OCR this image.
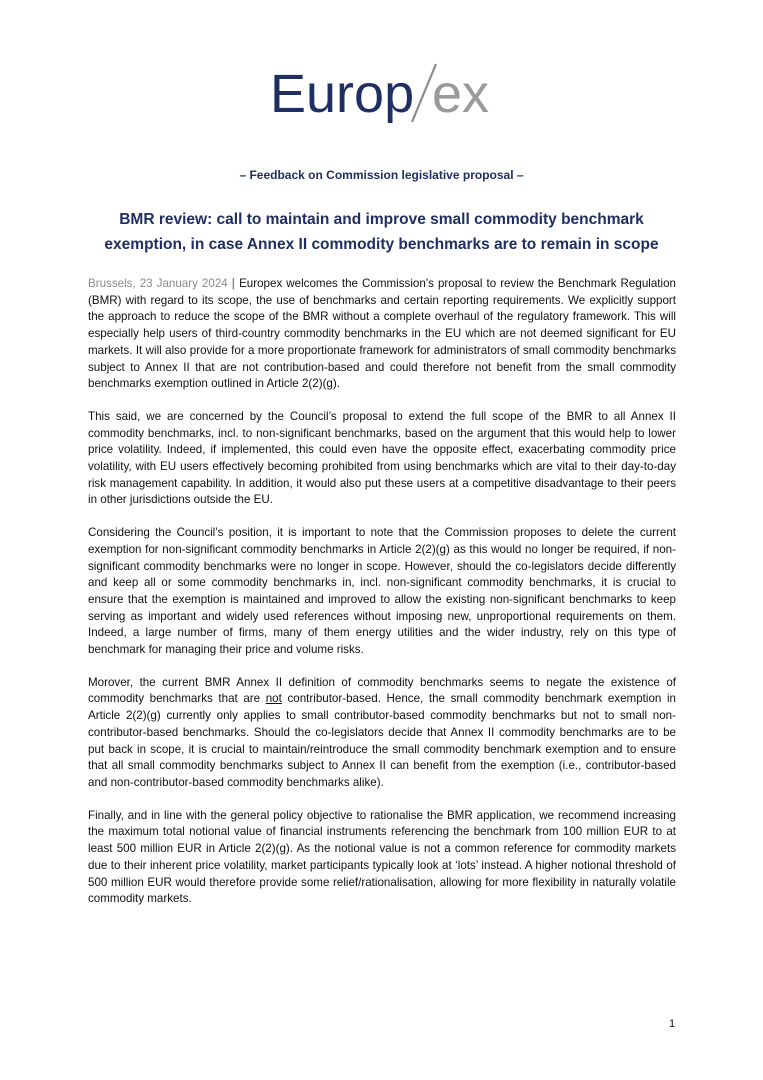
Europ ex
– Feedback on Commission legislative proposal –
BMR review: call to maintain and improve small commodity benchmark exemption, in case Annex II commodity benchmarks are to remain in scope

Brussels, 23 January 2024 | Europex welcomes the Commission’s proposal to review the Benchmark Regulation (BMR) with regard to its scope, the use of benchmarks and certain reporting requirements. We explicitly support the approach to reduce the scope of the BMR without a complete overhaul of the regulatory framework. This will especially help users of third-country commodity benchmarks in the EU which are not deemed significant for EU markets. It will also provide for a more proportionate framework for administrators of small commodity benchmarks subject to Annex II that are not contribution-based and could therefore not benefit from the small commodity benchmarks exemption outlined in Article 2(2)(g).

This said, we are concerned by the Council’s proposal to extend the full scope of the BMR to all Annex II commodity benchmarks, incl. to non-significant benchmarks, based on the argument that this would help to lower price volatility. Indeed, if implemented, this could even have the opposite effect, exacerbating commodity price volatility, with EU users effectively becoming prohibited from using benchmarks which are vital to their day-to-day risk management capability. In addition, it would also put these users at a competitive disadvantage to their peers in other jurisdictions outside the EU.

Considering the Council’s position, it is important to note that the Commission proposes to delete the current exemption for non-significant commodity benchmarks in Article 2(2)(g) as this would no longer be required, if non-significant commodity benchmarks were no longer in scope. However, should the co-legislators decide differently and keep all or some commodity benchmarks in, incl. non-significant commodity benchmarks, it is crucial to ensure that the exemption is maintained and improved to allow the existing non-significant benchmarks to keep serving as important and widely used references without imposing new, unproportional requirements on them. Indeed, a large number of firms, many of them energy utilities and the wider industry, rely on this type of benchmark for managing their price and volume risks.

Morover, the current BMR Annex II definition of commodity benchmarks seems to negate the existence of commodity benchmarks that are not contributor-based. Hence, the small commodity benchmark exemption in Article 2(2)(g) currently only applies to small contributor-based commodity benchmarks but not to small non-contributor-based benchmarks. Should the co-legislators decide that Annex II commodity benchmarks are to be put back in scope, it is crucial to maintain/reintroduce the small commodity benchmark exemption and to ensure that all small commodity benchmarks subject to Annex II can benefit from the exemption (i.e., contributor-based and non-contributor-based commodity benchmarks alike).

Finally, and in line with the general policy objective to rationalise the BMR application, we recommend increasing the maximum total notional value of financial instruments referencing the benchmark from 100 million EUR to at least 500 million EUR in Article 2(2)(g). As the notional value is not a common reference for commodity markets due to their inherent price volatility, market participants typically look at ‘lots’ instead. A higher notional threshold of 500 million EUR would therefore provide some relief/rationalisation, allowing for more flexibility in naturally volatile commodity markets.

1
